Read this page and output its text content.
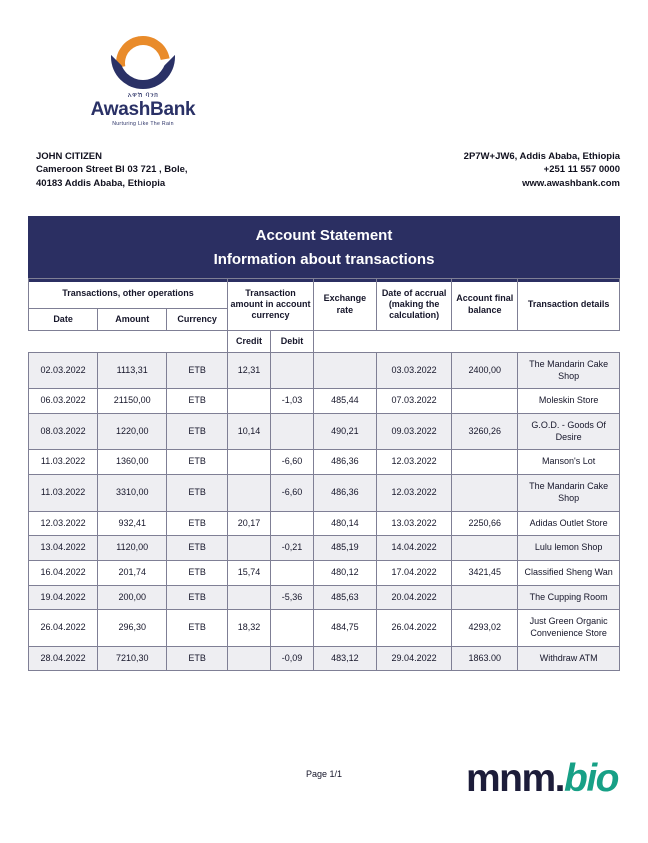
አዋሽ ባንክ
AwashBank
Nurturing Like The Rain
JOHN CITIZEN
Cameroon Street Bl 03 721 , Bole,
40183 Addis Ababa, Ethiopia
2P7W+JW6, Addis Ababa, Ethiopia
+251 11 557 0000
www.awashbank.com
Account Statement
Information about transactions
Transactions, other operations			Transaction amount in account currency		Exchange rate	Date of accrual (making the calculation)	Account final balance	Transaction details
Date	Amount	Currency						
			Credit	Debit				
02.03.2022	1113,31	ETB	12,31			03.03.2022	2400,00	The Mandarin Cake Shop
06.03.2022	21150,00	ETB		-1,03	485,44	07.03.2022		Moleskin Store
08.03.2022	1220,00	ETB	10,14		490,21	09.03.2022	3260,26	G.O.D. - Goods Of Desire
11.03.2022	1360,00	ETB		-6,60	486,36	12.03.2022		Manson's Lot
11.03.2022	3310,00	ETB		-6,60	486,36	12.03.2022		The Mandarin Cake Shop
12.03.2022	932,41	ETB	20,17		480,14	13.03.2022	2250,66	Adidas Outlet Store
13.04.2022	1120,00	ETB		-0,21	485,19	14.04.2022		Lulu lemon Shop
16.04.2022	201,74	ETB	15,74		480,12	17.04.2022	3421,45	Classified Sheng Wan
19.04.2022	200,00	ETB		-5,36	485,63	20.04.2022		The Cupping Room
26.04.2022	296,30	ETB	18,32		484,75	26.04.2022	4293,02	Just Green Organic Convenience Store
28.04.2022	7210,30	ETB		-0,09	483,12	29.04.2022	1863.00	Withdraw ATM
Page 1/1	mnm.bio
